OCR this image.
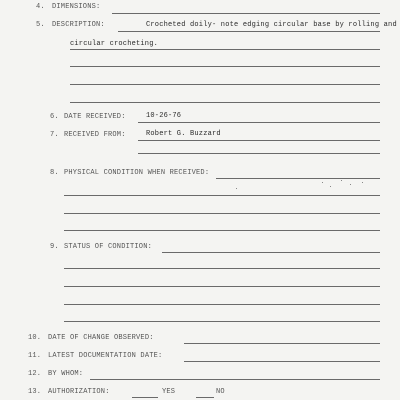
4. DIMENSIONS:
5. DESCRIPTION:	Crocheted doily- note edging circular base by rolling and
circular crocheting.
6. DATE RECEIVED:	10-26-76
7. RECEIVED FROM:	Robert G. Buzzard
8. PHYSICAL CONDITION WHEN RECEIVED:
9. STATUS OF CONDITION:
10. DATE OF CHANGE OBSERVED:
11. LATEST DOCUMENTATION DATE:
12. BY WHOM:
13. AUTHORIZATION:	YES	NO
